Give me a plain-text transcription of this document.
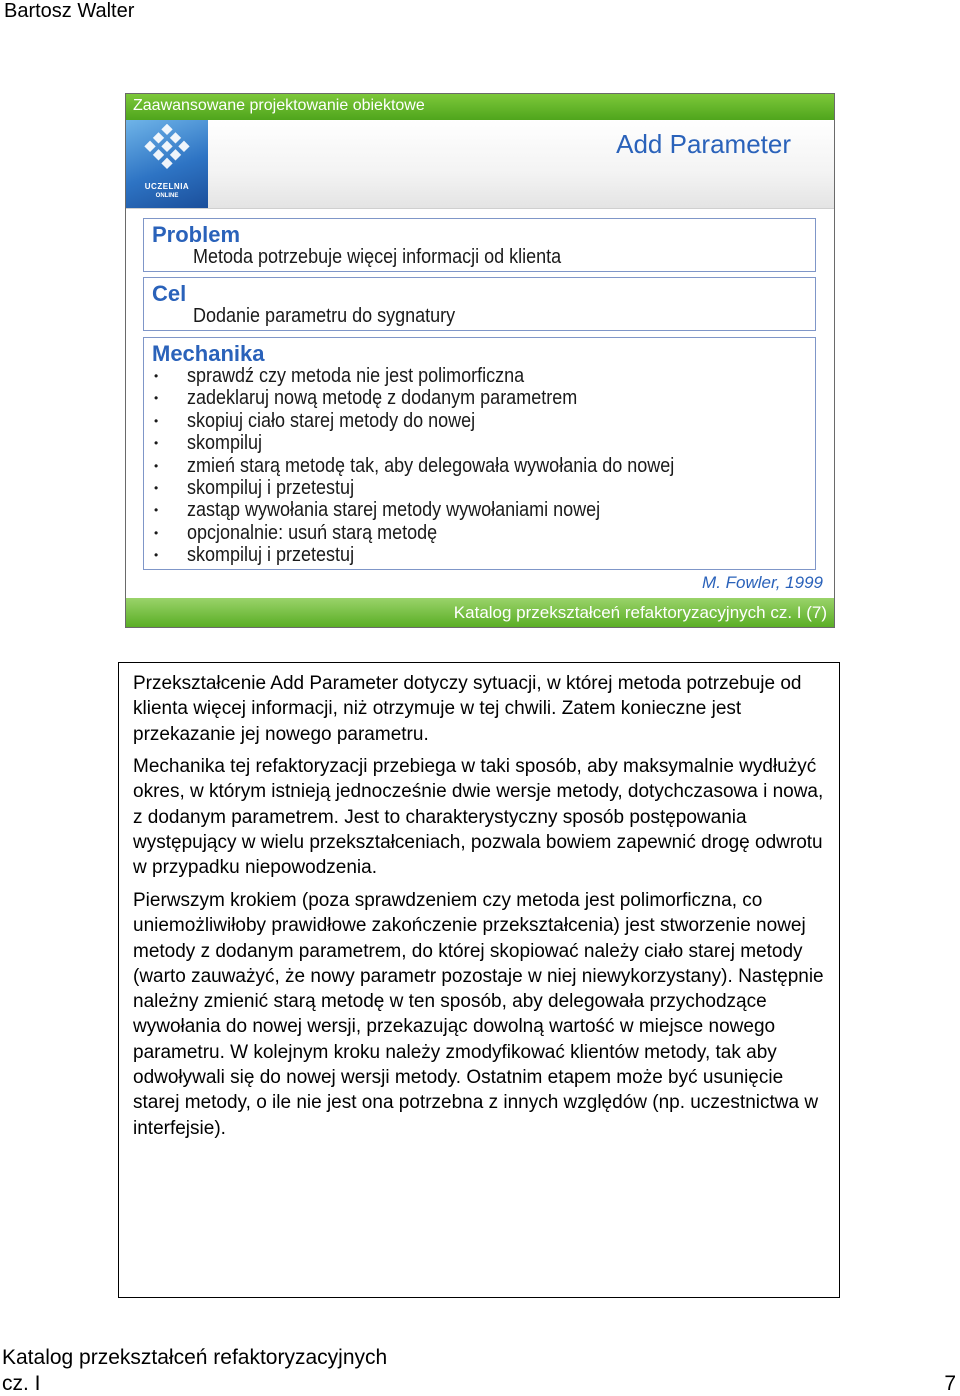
Bartosz Walter
Zaawansowane projektowanie obiektowe
UCZELNIA
ONLINE
Add Parameter
Problem
Metoda potrzebuje więcej informacji od klienta
Cel
Dodanie parametru do sygnatury
Mechanika
• sprawdź czy metoda nie jest polimorficzna
• zadeklaruj nową metodę z dodanym parametrem
• skopiuj ciało starej metody do nowej
• skompiluj
• zmień starą metodę tak, aby delegowała wywołania do nowej
• skompiluj i przetestuj
• zastąp wywołania starej metody wywołaniami nowej
• opcjonalnie: usuń starą metodę
• skompiluj i przetestuj
M. Fowler, 1999
Katalog przekształceń refaktoryzacyjnych cz. I (7)

Przekształcenie Add Parameter dotyczy sytuacji, w której metoda potrzebuje od klienta więcej informacji, niż otrzymuje w tej chwili. Zatem konieczne jest przekazanie jej nowego parametru.

Mechanika tej refaktoryzacji przebiega w taki sposób, aby maksymalnie wydłużyć okres, w którym istnieją jednocześnie dwie wersje metody, dotychczasowa i nowa, z dodanym parametrem. Jest to charakterystyczny sposób postępowania występujący w wielu przekształceniach, pozwala bowiem zapewnić drogę odwrotu w przypadku niepowodzenia.

Pierwszym krokiem (poza sprawdzeniem czy metoda jest polimorficzna, co uniemożliwiłoby prawidłowe zakończenie przekształcenia) jest stworzenie nowej metody z dodanym parametrem, do której skopiować należy ciało starej metody (warto zauważyć, że nowy parametr pozostaje w niej niewykorzystany). Następnie należny zmienić starą metodę w ten sposób, aby delegowała przychodzące wywołania do nowej wersji, przekazując dowolną wartość w miejsce nowego parametru. W kolejnym kroku należy zmodyfikować klientów metody, tak aby odwoływali się do nowej wersji metody. Ostatnim etapem może być usunięcie starej metody, o ile nie jest ona potrzebna z innych względów (np. uczestnictwa w interfejsie).

Katalog przekształceń refaktoryzacyjnych
cz. I	7
